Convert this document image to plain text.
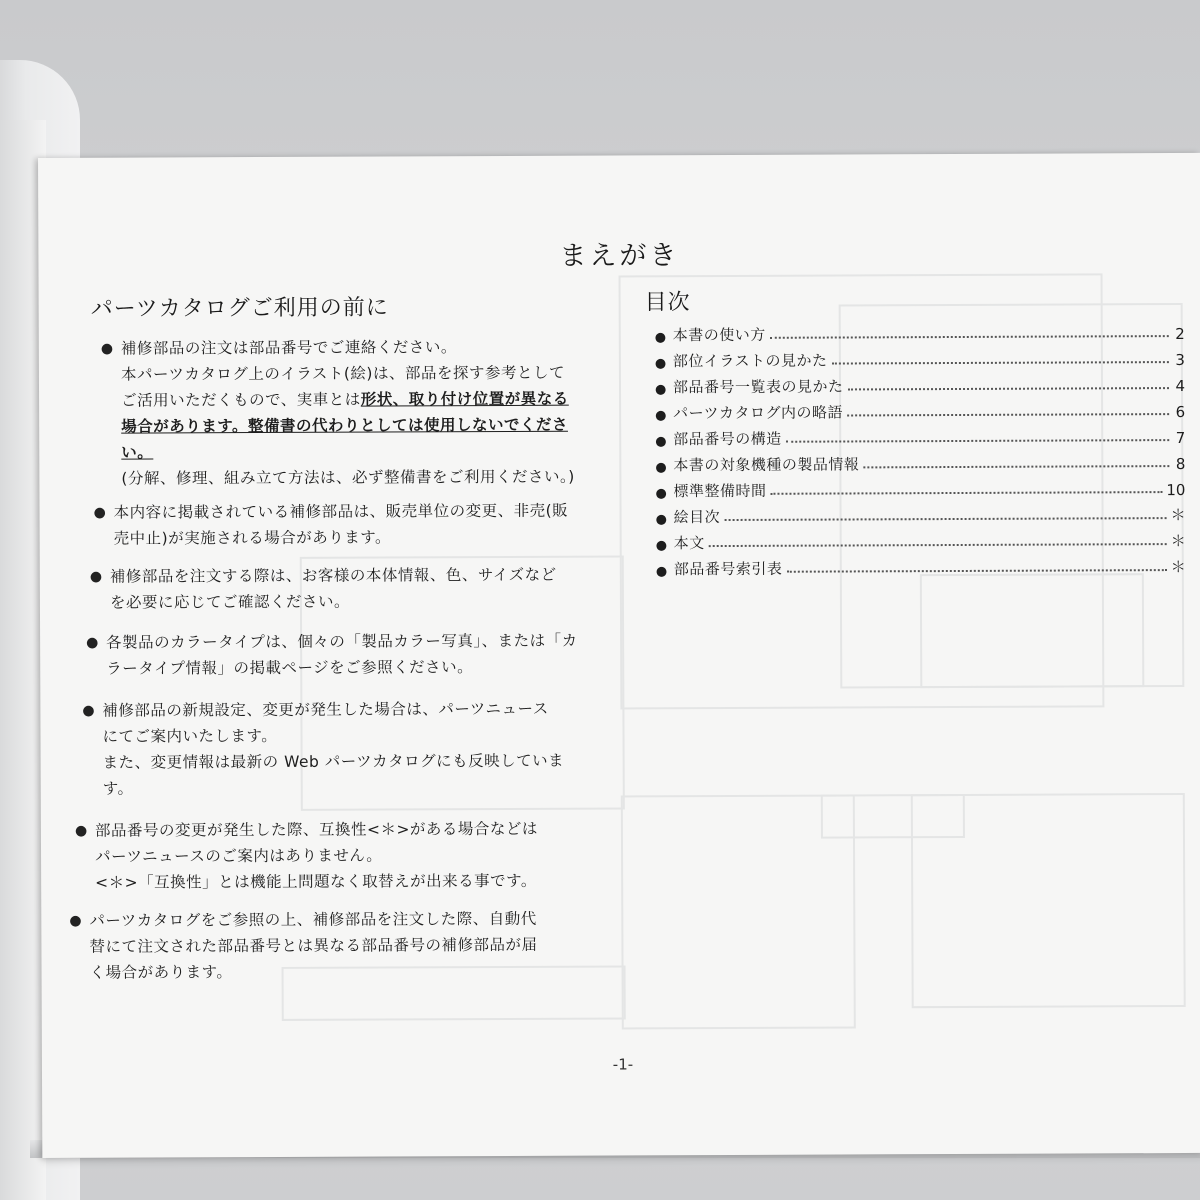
まえがき
パーツカタログご利用の前に
● 補修部品の注文は部品番号でご連絡ください。
本パーツカタログ上のイラスト(絵)は、部品を探す参考として
ご活用いただくもので、実車とは形状、取り付け位置が異なる
場合があります。整備書の代わりとしては使用しないでくださ
い。
(分解、修理、組み立て方法は、必ず整備書をご利用ください。)
● 本内容に掲載されている補修部品は、販売単位の変更、非売(販
売中止)が実施される場合があります。
● 補修部品を注文する際は、お客様の本体情報、色、サイズなど
を必要に応じてご確認ください。
● 各製品のカラータイプは、個々の「製品カラー写真」、または「カ
ラータイプ情報」の掲載ページをご参照ください。
● 補修部品の新規設定、変更が発生した場合は、パーツニュース
にてご案内いたします。
また、変更情報は最新の Web パーツカタログにも反映していま
す。
● 部品番号の変更が発生した際、互換性<＊>がある場合などは
パーツニュースのご案内はありません。
<＊>「互換性」とは機能上問題なく取替えが出来る事です。
● パーツカタログをご参照の上、補修部品を注文した際、自動代
替にて注文された部品番号とは異なる部品番号の補修部品が届
く場合があります。
目次
● 本書の使い方	2
● 部位イラストの見かた	3
● 部品番号一覧表の見かた	4
● パーツカタログ内の略語	6
● 部品番号の構造	7
● 本書の対象機種の製品情報	8
● 標準整備時間	10
● 絵目次	＊
● 本文	＊
● 部品番号索引表	＊
-1-
